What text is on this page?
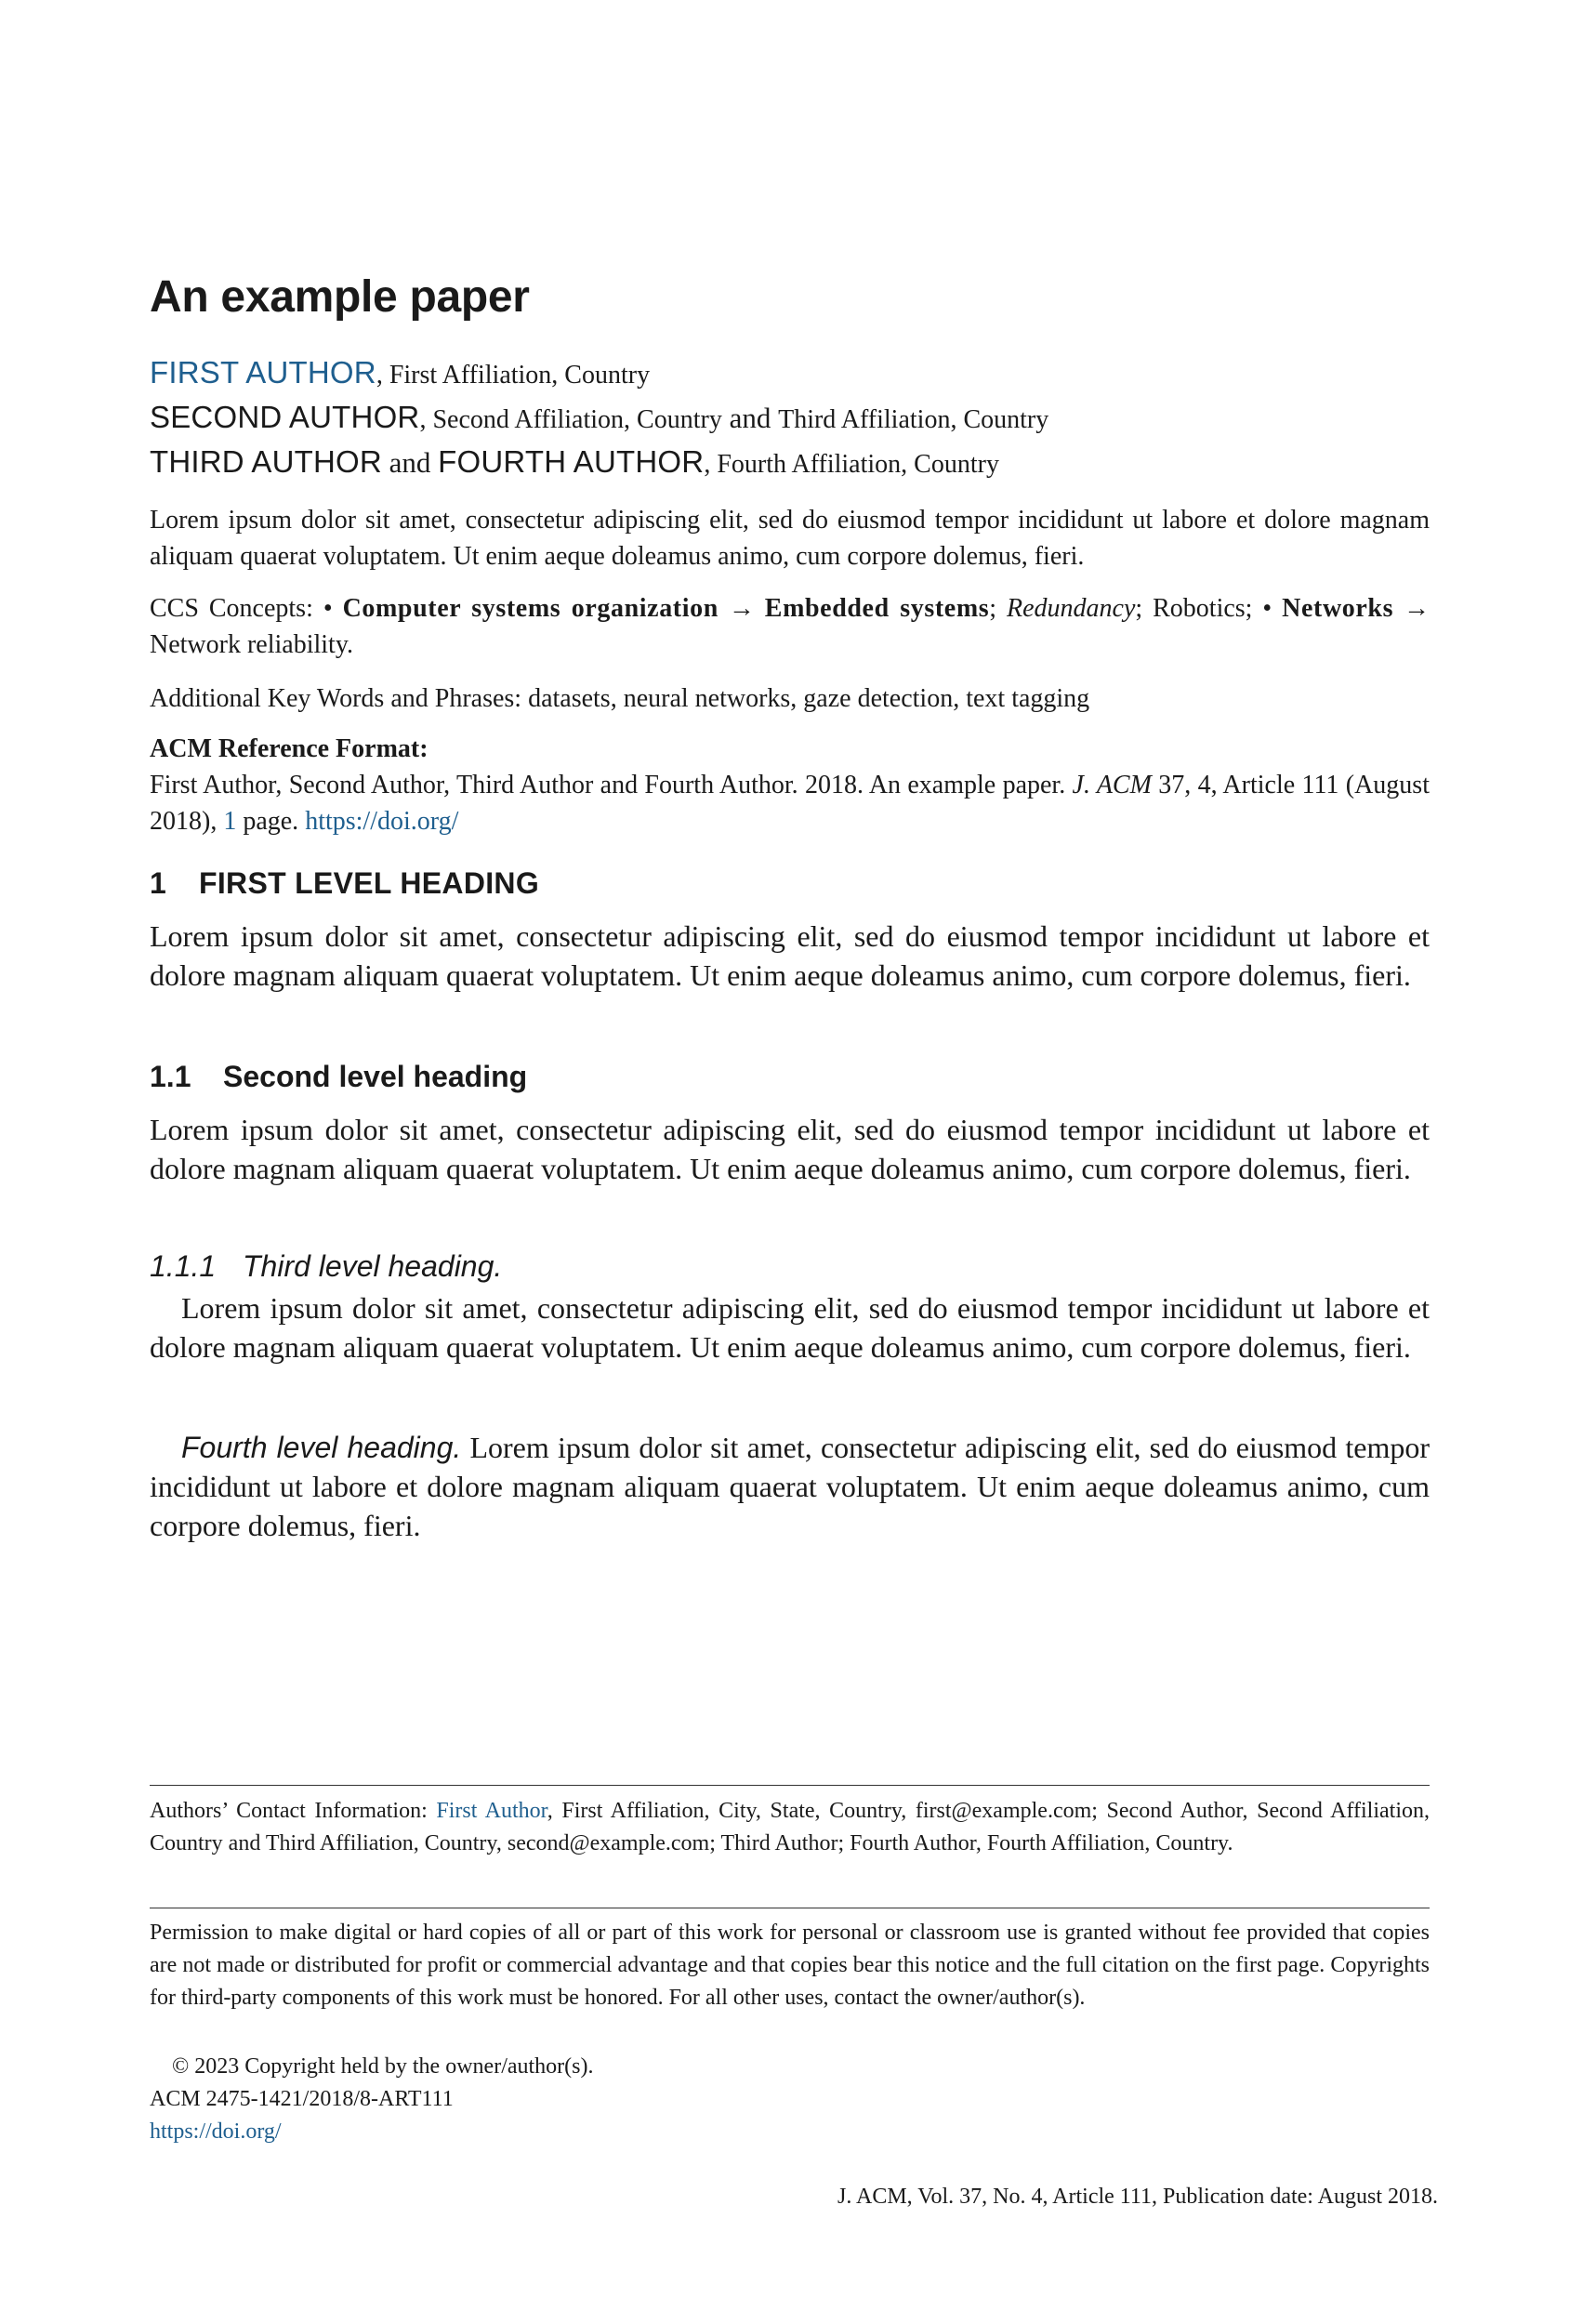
An example paper
FIRST AUTHOR, First Affiliation, Country
SECOND AUTHOR, Second Affiliation, Country and Third Affiliation, Country
THIRD AUTHOR and FOURTH AUTHOR, Fourth Affiliation, Country
Lorem ipsum dolor sit amet, consectetur adipiscing elit, sed do eiusmod tempor incididunt ut labore et dolore magnam aliquam quaerat voluptatem. Ut enim aeque doleamus animo, cum corpore dolemus, fieri.
CCS Concepts: • Computer systems organization → Embedded systems; Redundancy; Robotics; • Networks → Network reliability.
Additional Key Words and Phrases: datasets, neural networks, gaze detection, text tagging
ACM Reference Format:
First Author, Second Author, Third Author and Fourth Author. 2018. An example paper. J. ACM 37, 4, Article 111 (August 2018), 1 page. https://doi.org/
1 FIRST LEVEL HEADING
Lorem ipsum dolor sit amet, consectetur adipiscing elit, sed do eiusmod tempor incididunt ut labore et dolore magnam aliquam quaerat voluptatem. Ut enim aeque doleamus animo, cum corpore dolemus, fieri.
1.1 Second level heading
Lorem ipsum dolor sit amet, consectetur adipiscing elit, sed do eiusmod tempor incididunt ut labore et dolore magnam aliquam quaerat voluptatem. Ut enim aeque doleamus animo, cum corpore dolemus, fieri.
1.1.1 Third level heading.
Lorem ipsum dolor sit amet, consectetur adipiscing elit, sed do eiusmod tempor incididunt ut labore et dolore magnam aliquam quaerat voluptatem. Ut enim aeque doleamus animo, cum corpore dolemus, fieri.
Fourth level heading. Lorem ipsum dolor sit amet, consectetur adipiscing elit, sed do eiusmod tempor incididunt ut labore et dolore magnam aliquam quaerat voluptatem. Ut enim aeque doleamus animo, cum corpore dolemus, fieri.
Authors’ Contact Information: First Author, First Affiliation, City, State, Country, first@example.com; Second Author, Second Affiliation, Country and Third Affiliation, Country, second@example.com; Third Author; Fourth Author, Fourth Affiliation, Country.
Permission to make digital or hard copies of all or part of this work for personal or classroom use is granted without fee provided that copies are not made or distributed for profit or commercial advantage and that copies bear this notice and the full citation on the first page. Copyrights for third-party components of this work must be honored. For all other uses, contact the owner/author(s).
© 2023 Copyright held by the owner/author(s).
ACM 2475-1421/2018/8-ART111
https://doi.org/
J. ACM, Vol. 37, No. 4, Article 111, Publication date: August 2018.
